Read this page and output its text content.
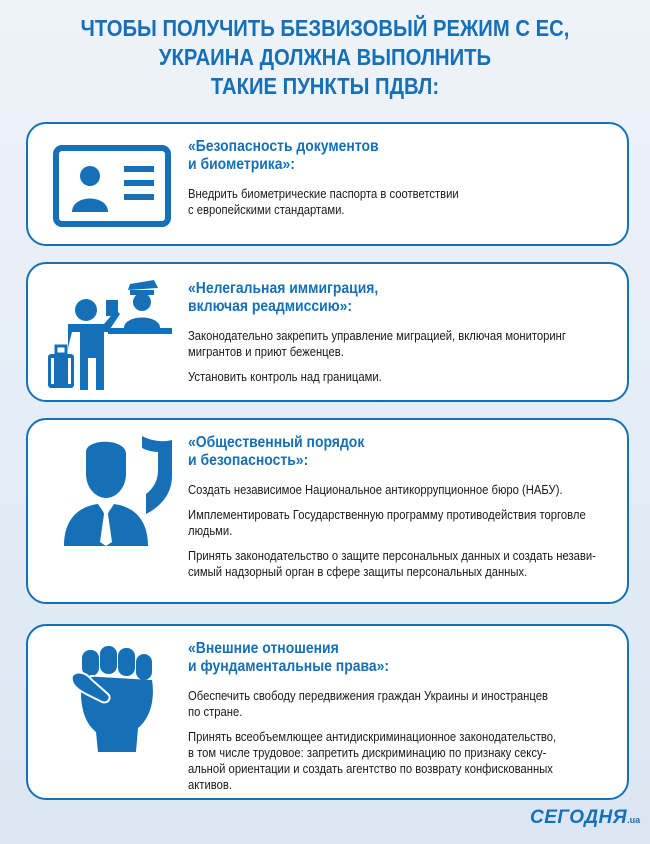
ЧТОБЫ ПОЛУЧИТЬ БЕЗВИЗОВЫЙ РЕЖИМ С ЕС,
УКРАИНА ДОЛЖНА ВЫПОЛНИТЬ
ТАКИЕ ПУНКТЫ ПДВЛ:
«Безопасность документов
и биометрика»:

Внедрить биометрические паспорта в соответствии
с европейскими стандартами.

«Нелегальная иммиграция,
включая реадмиссию»:

Законодательно закрепить управление миграцией, включая мониторинг
мигрантов и приют беженцев.

Установить контроль над границами.

«Общественный порядок
и безопасность»:

Создать независимое Национальное антикоррупционное бюро (НАБУ).

Имплементировать Государственную программу противодействия торговле
людьми.

Принять законодательство о защите персональных данных и создать незави-
симый надзорный орган в сфере защиты персональных данных.

«Внешние отношения
и фундаментальные права»:

Обеспечить свободу передвижения граждан Украины и иностранцев
по стране.

Принять всеобъемлющее антидискриминационное законодательство,
в том числе трудовое: запретить дискриминацию по признаку сексу-
альной ориентации и создать агентство по возврату конфискованных
активов.

СЕГОДНЯ.ua
